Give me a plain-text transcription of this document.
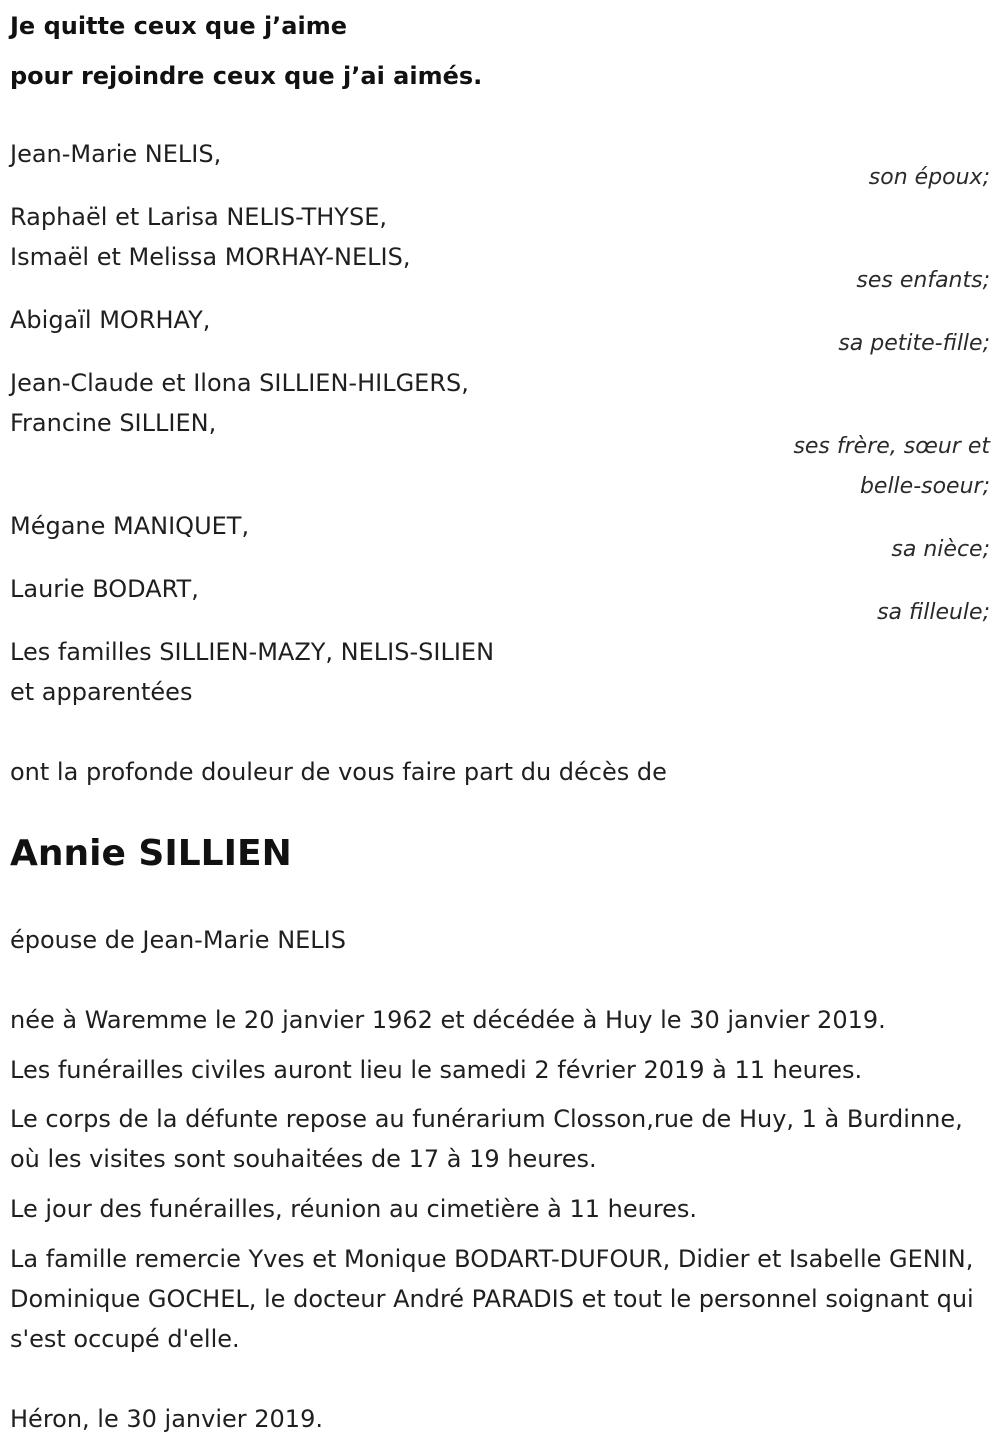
Je quitte ceux que j’aime
pour rejoindre ceux que j’ai aimés.
Jean-Marie NELIS,
son époux;
Raphaël et Larisa NELIS-THYSE,
Ismaël et Melissa MORHAY-NELIS,
ses enfants;
Abigaïl MORHAY,
sa petite-fille;
Jean-Claude et Ilona SILLIEN-HILGERS,
Francine SILLIEN,
ses frère, sœur et
belle-soeur;
Mégane MANIQUET,
sa nièce;
Laurie BODART,
sa filleule;
Les familles SILLIEN-MAZY, NELIS-SILIEN
et apparentées
ont la profonde douleur de vous faire part du décès de
Annie SILLIEN
épouse de Jean-Marie NELIS
née à Waremme le 20 janvier 1962 et décédée à Huy le 30 janvier 2019.
Les funérailles civiles auront lieu le samedi 2 février 2019 à 11 heures.
Le corps de la défunte repose au funérarium Closson,rue de Huy, 1 à Burdinne, où les visites sont souhaitées de 17 à 19 heures.
Le jour des funérailles, réunion au cimetière à 11 heures.
La famille remercie Yves et Monique BODART-DUFOUR, Didier et Isabelle GENIN, Dominique GOCHEL, le docteur André PARADIS et tout le personnel soignant qui s'est occupé d'elle.
Héron, le 30 janvier 2019.
